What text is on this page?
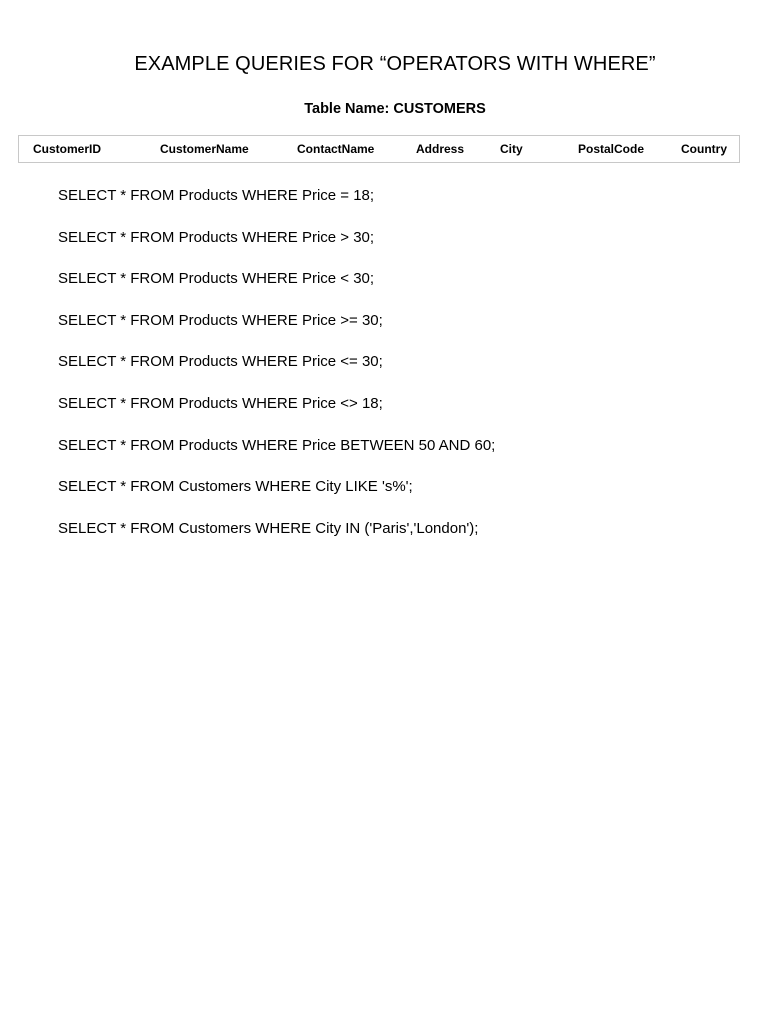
EXAMPLE QUERIES FOR “OPERATORS WITH WHERE”
Table Name: CUSTOMERS
CustomerID	CustomerName	ContactName	Address	City	PostalCode	Country
SELECT * FROM Products WHERE Price = 18;
SELECT * FROM Products WHERE Price > 30;
SELECT * FROM Products WHERE Price < 30;
SELECT * FROM Products WHERE Price >= 30;
SELECT * FROM Products WHERE Price <= 30;
SELECT * FROM Products WHERE Price <> 18;
SELECT * FROM Products WHERE Price BETWEEN 50 AND 60;
SELECT * FROM Customers WHERE City LIKE 's%';
SELECT * FROM Customers WHERE City IN ('Paris','London');
